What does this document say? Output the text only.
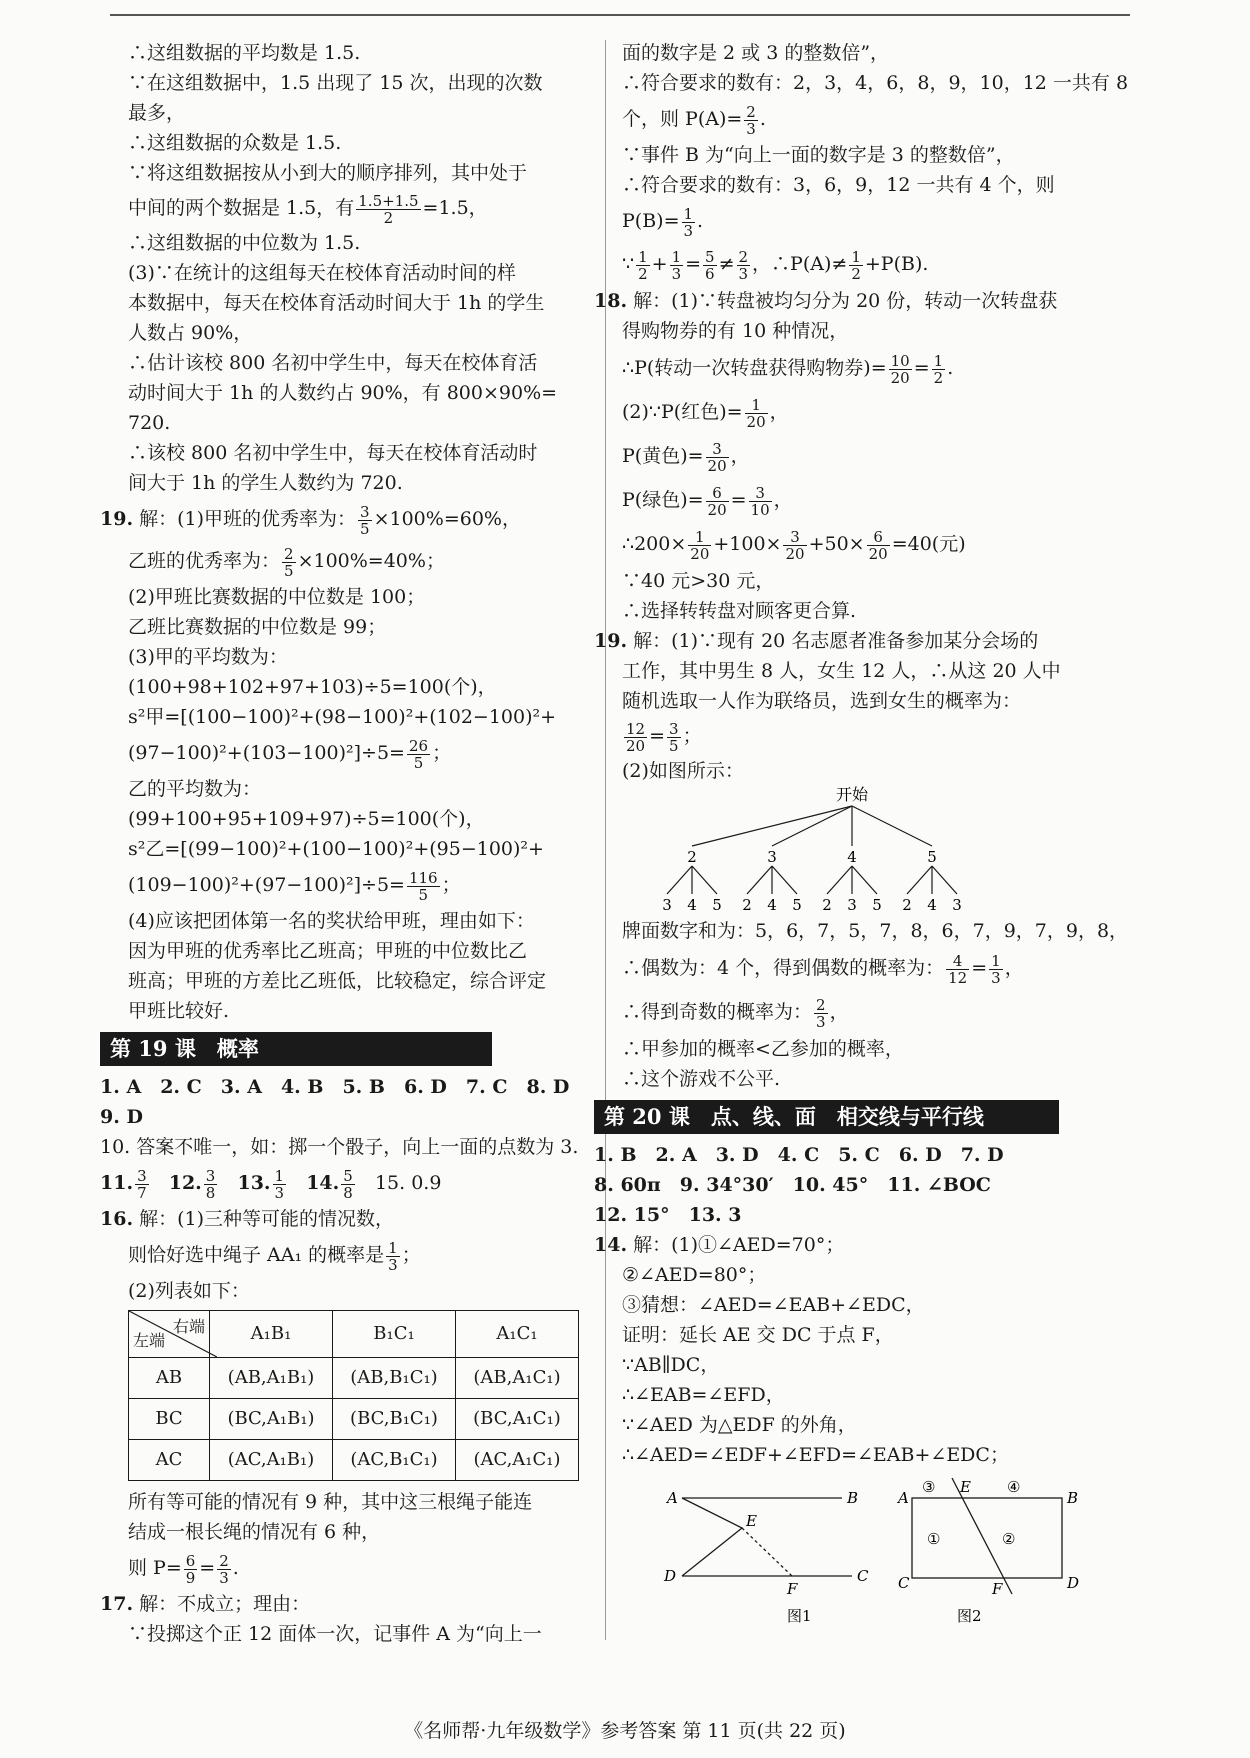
∴这组数据的平均数是 1.5.
∵在这组数据中，1.5 出现了 15 次，出现的次数
最多，
∴这组数据的众数是 1.5.
∵将这组数据按从小到大的顺序排列，其中处于
中间的两个数据是 1.5，有 $\frac{1.5+1.5}{2} =1.5$，
∴这组数据的中位数为 1.5.
(3)∵在统计的这组每天在校体育活动时间的样
本数据中，每天在校体育活动时间大于 1h 的学生
人数占 90%，
∴估计该校 800 名初中学生中，每天在校体育活
动时间大于 1h 的人数约占 90%，有 800×90%=
720.
∴该校 800 名初中学生中，每天在校体育活动时
间大于 1h 的学生人数约为 720.
19. 解：(1)甲班的优秀率为： $\frac{3}{5} \times 100\%=60\%$，
乙班的优秀率为： $\frac{2}{5} \times 100\%=40\%$；
(2)甲班比赛数据的中位数是 100；
乙班比赛数据的中位数是 99；
(3)甲的平均数为：
(100+98+102+97+103)÷5=100(个)，
s²甲=[(100−100)²+(98−100)²+(102−100)²+
$(97-100)^2+(103-100)^2]\div 5= \frac{26}{5}$ ；
乙的平均数为：
(99+100+95+109+97)÷5=100(个)，
s²乙=[(99−100)²+(100−100)²+(95−100)²+
$(109-100)^2+(97-100)^2]\div 5= \frac{116}{5}$ ；
(4)应该把团体第一名的奖状给甲班，理由如下：
因为甲班的优秀率比乙班高；甲班的中位数比乙
班高；甲班的方差比乙班低，比较稳定，综合评定
甲班比较好.
第 19 课　概率
1. A　2. C　3. A　4. B　5. B　6. D　7. C　8. D
9. D
10. 答案不唯一，如：掷一个骰子，向上一面的点数为 3.
11. $\frac{3}{7} 12$. $\frac{3}{8} 13$. $\frac{1}{3} 14$. $\frac{5}{8} 15$. 0.9
16. 解：(1)三种等可能的情况数，
则恰好选中绳子 AA₁ 的概率是 $\frac{1}{3}$ ；
(2)列表如下：
右端
左端	A₁B₁	B₁C₁	A₁C₁
AB	(AB,A₁B₁)	(AB,B₁C₁)	(AB,A₁C₁)
BC	(BC,A₁B₁)	(BC,B₁C₁)	(BC,A₁C₁)
AC	(AC,A₁B₁)	(AC,B₁C₁)	(AC,A₁C₁)
所有等可能的情况有 9 种，其中这三根绳子能连
结成一根长绳的情况有 6 种，
则 $P= \frac{6}{9} = \frac{2}{3}$ .
17. 解：不成立；理由：
∵投掷这个正 12 面体一次，记事件 A 为“向上一
面的数字是 2 或 3 的整数倍”，
∴符合要求的数有：2，3，4，6，8，9，10，12 一共有 8
个，则 $P(A)= \frac{2}{3}$ .
∵事件 B 为“向上一面的数字是 3 的整数倍”，
∴符合要求的数有：3，6，9，12 一共有 4 个，则
$P(B)= \frac{1}{3}$ .
∵ $\frac{1}{2} + \frac{1}{3} = \frac{5}{6} \ne \frac{2}{3}$ ，∴P(A)≠ $\frac{1}{2} +P(B)$.
18. 解：(1)∵转盘被均匀分为 20 份，转动一次转盘获
得购物券的有 10 种情况，
∴P(转动一次转盘获得购物券)= $\frac{10}{20} = \frac{1}{2}$ .
(2)∵P(红色)= $\frac{1}{20}$ ，
P(黄色)= $\frac{3}{20}$ ，
P(绿色)= $\frac{6}{20} = \frac{3}{10}$ ，
∴200× $\frac{1}{20} +100\times \frac{3}{20} +50\times \frac{6}{20} =40$(元)
∵40 元>30 元，
∴选择转转盘对顾客更合算.
19. 解：(1)∵现有 20 名志愿者准备参加某分会场的
工作，其中男生 8 人，女生 12 人，∴从这 20 人中
随机选取一人作为联络员，选到女生的概率为：
$\frac{12}{20} = \frac{3}{5}$ ；
(2)如图所示：
开始
2	3	4	5
3 4 5 2 4 5 2 3 5 2 4 3
牌面数字和为：5，6，7，5，7，8，6，7，9，7，9，8，
∴偶数为：4 个，得到偶数的概率为： $\frac{4}{12} = \frac{1}{3}$ ，
∴得到奇数的概率为： $\frac{2}{3}$ ，
∴甲参加的概率<乙参加的概率，
∴这个游戏不公平.
第 20 课　点、线、面　相交线与平行线
1. B　2. A　3. D　4. C　5. C　6. D　7. D
8. 60π　9. 34°30′　10. 45°　11. ∠BOC
12. 15°　13. 3
14. 解：(1)①∠AED=70°；
②∠AED=80°；
③猜想：∠AED=∠EAB+∠EDC，
证明：延长 AE 交 DC 于点 F，
∵AB∥DC，
∴∠EAB=∠EFD，
∵∠AED 为△EDF 的外角，
∴∠AED=∠EDF+∠EFD=∠EAB+∠EDC；
A	B
E
D
F
C
图1
③ E ④
A	B
①	②
C	F	D
图2
《名师帮·九年级数学》参考答案 第 11 页(共 22 页)
